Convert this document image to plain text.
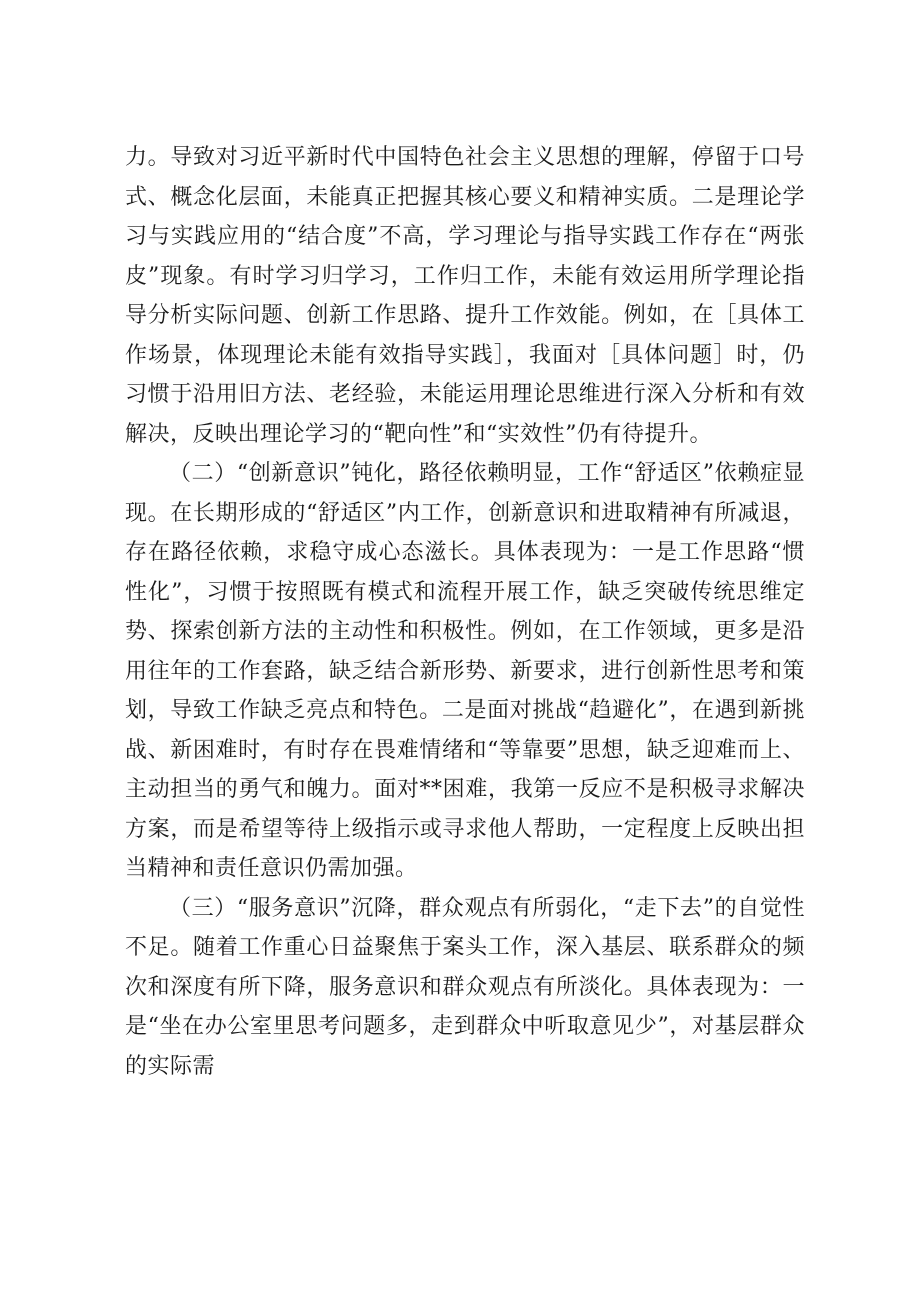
力。导致对习近平新时代中国特色社会主义思想的理解，停留于口号式、概念化层面，未能真正把握其核心要义和精神实质。二是理论学习与实践应用的“结合度”不高，学习理论与指导实践工作存在“两张皮”现象。有时学习归学习，工作归工作，未能有效运用所学理论指导分析实际问题、创新工作思路、提升工作效能。例如，在［具体工作场景，体现理论未能有效指导实践］，我面对［具体问题］时，仍习惯于沿用旧方法、老经验，未能运用理论思维进行深入分析和有效解决，反映出理论学习的“靶向性”和“实效性”仍有待提升。

（二）“创新意识”钝化，路径依赖明显，工作“舒适区”依赖症显现。在长期形成的“舒适区”内工作，创新意识和进取精神有所减退，存在路径依赖，求稳守成心态滋长。具体表现为：一是工作思路“惯性化”，习惯于按照既有模式和流程开展工作，缺乏突破传统思维定势、探索创新方法的主动性和积极性。例如，在工作领域，更多是沿用往年的工作套路，缺乏结合新形势、新要求，进行创新性思考和策划，导致工作缺乏亮点和特色。二是面对挑战“趋避化”，在遇到新挑战、新困难时，有时存在畏难情绪和“等靠要”思想，缺乏迎难而上、主动担当的勇气和魄力。面对**困难，我第一反应不是积极寻求解决方案，而是希望等待上级指示或寻求他人帮助，一定程度上反映出担当精神和责任意识仍需加强。

（三）“服务意识”沉降，群众观点有所弱化，“走下去”的自觉性不足。随着工作重心日益聚焦于案头工作，深入基层、联系群众的频次和深度有所下降，服务意识和群众观点有所淡化。具体表现为：一是“坐在办公室里思考问题多，走到群众中听取意见少”，对基层群众的实际需
